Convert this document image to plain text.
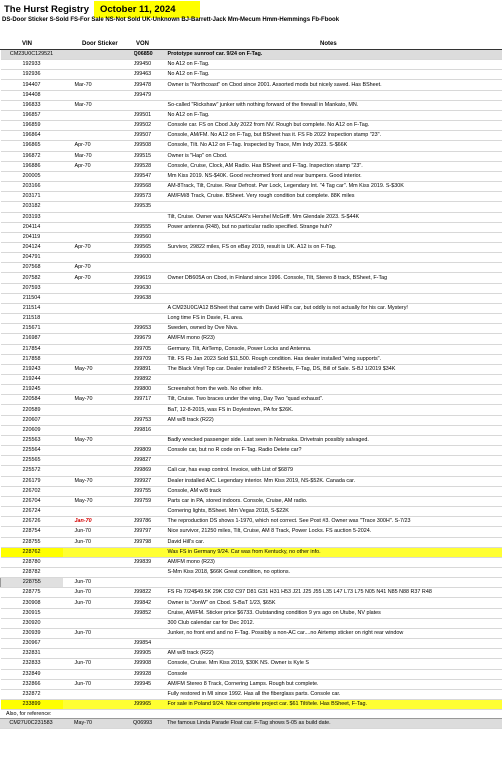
The Hurst Registry	October 11, 2024
DS-Door Sticker S-Sold FS-For Sale NS-Not Sold UK-Unknown BJ-Barrett-Jack Mm-Mecum Hmm-Hemmings Fb-Fbook
VIN	Door Sticker	VON	Notes
CM23U0C129521		Q06850	Prototype sunroof car. 9/24 on F-Tag.
192933		J99450	No A12 on F-Tag.
192936		J99463	No A12 on F-Tag.
194407	Mar-70	J99478	Owner is "Northcoast" on Cbod since 2001. Assorted mods but nicely saved. Has BSheet.
194408		J99479	
196833	Mar-70		So-called "Rickshaw" junker with nothing forward of the firewall in Mankato, MN.
196857		J99501	No A12 on F-Tag.
196859		J99502	Console car. FS on Cbod July 2022 from NV. Rough but complete. No A12 on F-Tag.
196864		J99507	Console, AM/FM. No A12 on F-Tag, but BSheet has it. FS Fb 2022 Inspection stamp "23".
196865	Apr-70	J99508	Console, Tilt. No A12 on F-Tag. Inspected by Trace, Mm Indy 2023. S-$66K
196872	Mar-70	J99515	Owner is "Hap" on Cbod.
196886	Apr-70	J99528	Console, Cruise, Clock, AM Radio. Has BSheet and F-Tag. Inspection stamp "23".
200005		J99547	Mm Kiss 2019. NS-$40K. Good rechromed front and rear bumpers. Good interior.
203166		J99568	AM-8Track, Tilt, Cruise. Rear Defrost. Pwr Lock, Legendary Int. "4 Tag car". Mm Kiss 2019. S-$30K
203171		J99573	AM/FM/8 Track, Cruise. BSheet. Very rough condition but complete. 88K miles
203182		J99535	
203193			Tilt, Cruise. Owner was NASCAR's Hershel McGriff. Mm Glendale 2023. S-$44K
204114		J99555	Power antenna (R48), but no particular radio specified. Strange huh?
204119		J99560	
204124	Apr-70	J99565	Survivor, 29822 miles, FS on eBay 2019, result is UK. A12 is on F-Tag.
204791		J99600	
207568	Apr-70		
207582	Apr-70	J99619	Owner DB605A on Cbod, in Finland since 1996. Console, Tilt, Stereo 8 track, BSheet, F-Tag
207593		J99630	
211504		J99638	
211514			A CM23U0C/A12 BSheet that came with David Hill's car, but oddly is not actually for his car. Mystery!
211518			Long time FS in Davie, FL area.
215671		J99653	Sweden, owned by Ove Niva.
216987		J99679	AM/FM mono (R23)
217854		J99705	Germany. Tilt, AirTemp, Console, Power Locks and Antenna.
217858		J99709	Tilt. FS Fb Jan 2023 Sold $11,500. Rough condition. Has dealer installed "wing supports".
219243	May-70	J99891	The Black Vinyl Top car. Dealer installed? 2 BSheets, F-Tag, DS, Bill of Sale. S-BJ 1/2019 $34K
219244		J99892	
219245		J99800	Screenshot from the web. No other info.
220584	May-70	J99717	Tilt, Cruise. Two braces under the wing, Day Two "quad exhaust".
220589			BaT, 12-8-2015, was FS in Doylestown, PA for $26K.
220607		J99753	AM w/8 track (R22)
220609		J99816	
225563	May-70		Badly wrecked passenger side. Last seen in Nebraska. Drivetrain possibly salvaged.
225564		J99809	Console car, but no R code on F-Tag. Radio Delete car?
225565		J99827	
225572		J99869	Cali car, has evap control. Invoice, with List of $6879
226179	May-70	J99927	Dealer installed A/C. Legendary interior. Mm Kiss 2019, NS-$52K. Canada car.
226702		J99755	Console, AM w/8 track
226704	May-70	J99759	Parts car in PA, stored indoors. Console, Cruise, AM radio.
226724			Cornering lights, BSheet. Mm Vegas 2018, S-$22K
226726	Jan-70	J99786	The reproduction DS shows 1-1970, which not correct. See Post #3. Owner was "Trace 300H". S-7/23
228754	Jun-70	J99797	Nice survivor, 21250 miles, Tilt, Cruise, AM 8 Track, Power Locks. FS auction 5-2024.
228755	Jun-70	J99798	David Hill's car.
228762			Was FS in Germany 9/24. Car was from Kentucky, no other info.
228780		J99839	AM/FM mono (R23)
228782			S-Mm Kiss 2018, $66K Great condition, no options.
228755	Jun-70		
228775	Jun-70	J99822	FS Fb 7/24$49.5K 29K C92 C97 D81 G31 H31 H53 J21 J25 J55 L35 L47 L73 L75 N05 N41 N85 N88 R37 R48
230908	Jun-70	J99842	Owner is "JonW" on Cbod. S-BaT 1/23, $65K
230915		J99852	Cruise, AM/FM. Sticker price $6733. Outstanding condition 9 yrs ago on Utube, NV plates
230920			300 Club calendar car for Dec 2012.
230939	Jun-70		Junker, no front end and no F-Tag. Possibly a non-AC car....no Airtemp sticker on right rear window
230967		J99854	
232831		J99905	AM w/8 track (R22)
232833	Jun-70	J99908	Console, Cruise. Mm Kiss 2019, $30K NS. Owner is Kyle S
232849		J99928	Console
232866	Jun-70	J99945	AM/FM Stereo 8 Track, Cornering Lamps. Rough but complete.
232872			Fully restored in MI since 1992. Has all the fiberglass parts. Console car.
233899		J99965	For sale in Poland 9/24. Nice complete project car. $61 Tilt/tele. Has BSheet, F-Tag.
Also, for reference:
CM27U0C231583	May-70	Q06993	The famous Linda Parade Float car. F-Tag shows 5-05 as build date.
